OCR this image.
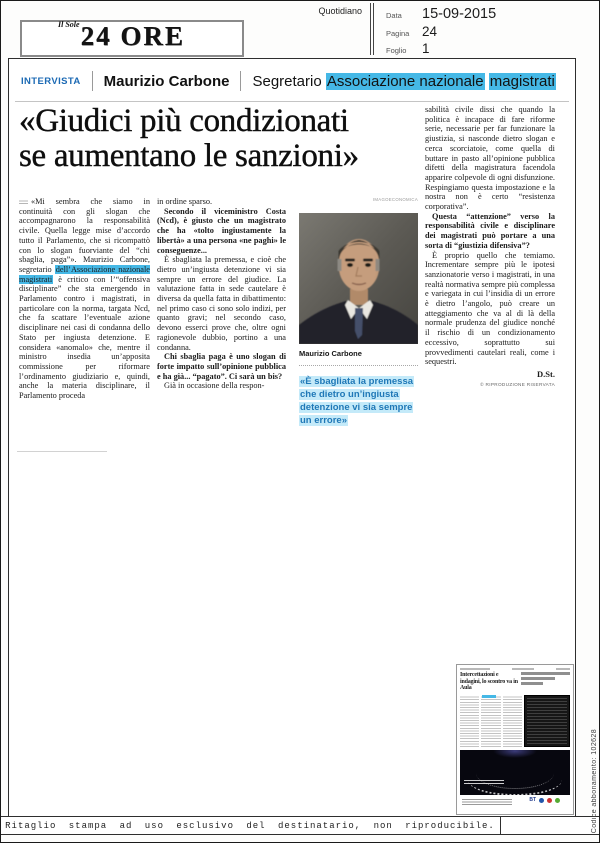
$^{Il Sole}$24 ORE
Quotidiano	Data	15-09-2015
Pagina 24
Foglio	1
INTERVISTA Maurizio Carbone Segretario Associazione nazionale magistrati
«Giudici più condizionati
se aumentano le sanzioni»

«Mi sembra che siamo in continuità con gli slogan che accompagnarono la responsabilità civile. Quella legge mise d’accordo tutto il Parlamento, che si ricompattò con lo slogan fuorviante del “chi sbaglia, paga”». Maurizio Carbone, segretario dell’Associazione nazionale magistrati è critico con l’“offensiva disciplinare” che sta emergendo in Parlamento contro i magistrati, in particolare con la norma, targata Ncd, che fa scattare l’eventuale azione disciplinare nei casi di condanna dello Stato per ingiusta detenzione. E considera «anomalo» che, mentre il ministro insedia un’apposita commissione per riformare l’ordinamento giudiziario e, quindi, anche la materia disciplinare, il Parlamento proceda

in ordine sparso.

Secondo il viceministro Costa (Ncd), è giusto che un magistrato che ha «tolto ingiustamente la libertà» a una persona «ne paghi» le conseguenze...

È sbagliata la premessa, e cioè che dietro un’ingiusta detenzione vi sia sempre un errore del giudice. La valutazione fatta in sede cautelare è diversa da quella fatta in dibattimento: nel primo caso ci sono solo indizi, per quanto gravi; nel secondo caso, devono esserci prove che, oltre ogni ragionevole dubbio, portino a una condanna.

Chi sbaglia paga è uno slogan di forte impatto sull’opinione pubblica e ha già... “pagato”. Ci sarà un bis?

Già in occasione della respon-

IMAGOECONOMICA
Maurizio Carbone
«È sbagliata la premessa che dietro un’ingiusta detenzione vi sia sempre un errore»

sabilità civile dissi che quando la politica è incapace di fare riforme serie, necessarie per far funzionare la giustizia, si nasconde dietro slogan e cerca scorciatoie, come quella di buttare in pasto all’opinione pubblica difetti della magistratura facendola apparire colpevole di ogni disfunzione. Respingiamo questa impostazione e la nostra non è certo “resistenza corporativa”.

Questa “attenzione” verso la responsabilità civile e disciplinare dei magistrati può portare a una sorta di “giustizia difensiva”?

È proprio quello che temiamo. Incrementare sempre più le ipotesi sanzionatorie verso i magistrati, in una realtà normativa sempre più complessa e variegata in cui l’insidia di un errore è dietro l’angolo, può creare un atteggiamento che va al di là della normale prudenza del giudice nonché il rischio di un condizionamento eccessivo, soprattutto sui provvedimenti cautelari reali, come i sequestri.

D.St.
© RIPRODUZIONE RISERVATA
Intercettazioni e indagini, lo scontro va in Aula
BT
Ritaglio stampa ad uso esclusivo del destinatario, non riproducibile.	Codice abbonamento: 102628
